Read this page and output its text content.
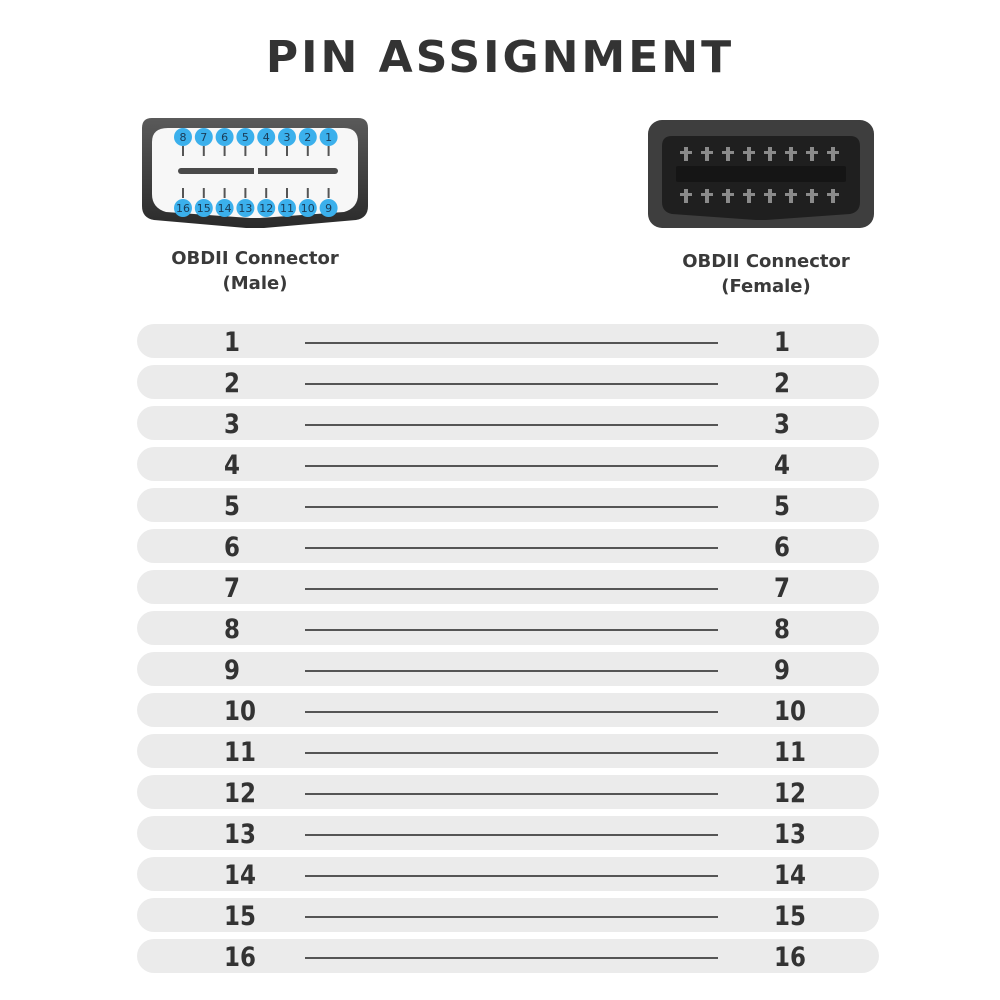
PIN ASSIGNMENT
8 7 6 5 4 3 2 1
16 15 14 13 12 11 10 9
OBDII Connector
(Male)
OBDII Connector
(Female)
1	1
2	2
3	3
4	4
5	5
6	6
7	7
8	8
9	9
10	10
11	11
12	12
13	13
14	14
15	15
16	16
